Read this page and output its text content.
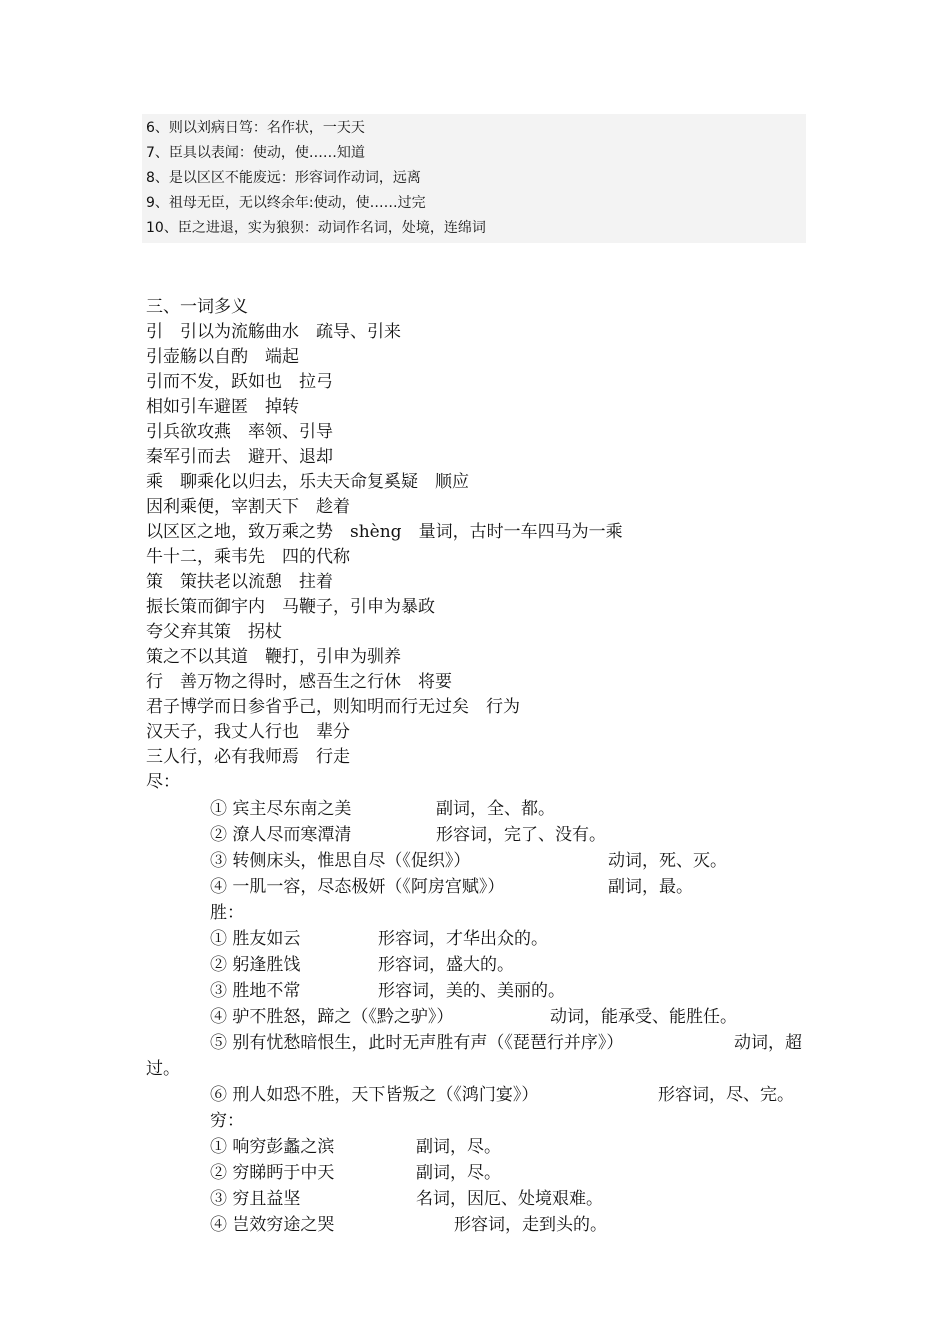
6、则以刘病日笃：名作状，一天天
7、臣具以表闻：使动，使……知道
8、是以区区不能废远：形容词作动词，远离
9、祖母无臣，无以终余年:使动，使……过完
10、臣之进退，实为狼狈：动词作名词，处境，连绵词
三、一词多义
引　引以为流觞曲水　疏导、引来
引壶觞以自酌　端起
引而不发，跃如也　拉弓
相如引车避匿　掉转
引兵欲攻燕　率领、引导
秦军引而去　避开、退却
乘　聊乘化以归去，乐夫天命复奚疑　顺应
因利乘便，宰割天下　趁着
以区区之地，致万乘之势　shèng　量词，古时一车四马为一乘
牛十二，乘韦先　四的代称
策　策扶老以流憩　拄着
振长策而御宇内　马鞭子，引申为暴政
夸父弃其策　拐杖
策之不以其道　鞭打，引申为驯养
行　善万物之得时，感吾生之行休　将要
君子博学而日参省乎己，则知明而行无过矣　行为
汉天子，我丈人行也　辈分
三人行，必有我师焉　行走
尽：
① 宾主尽东南之美	副词，全、都。
② 潦人尽而寒潭清	形容词，完了、没有。
③ 转侧床头，惟思自尽（《促织》）	动词，死、灭。
④ 一肌一容，尽态极妍（《阿房宫赋》）	副词，最。
胜：
① 胜友如云	形容词，才华出众的。
② 躬逢胜饯	形容词，盛大的。
③ 胜地不常	形容词，美的、美丽的。
④ 驴不胜怒，蹄之（《黔之驴》）	动词，能承受、能胜任。
⑤ 别有忧愁暗恨生，此时无声胜有声（《琵琶行并序》）	动词，超
过。
⑥ 刑人如恐不胜，天下皆叛之（《鸿门宴》）	形容词，尽、完。
穷：
① 响穷彭蠡之滨	副词，尽。
② 穷睇眄于中天	副词，尽。
③ 穷且益坚	名词，因厄、处境艰难。
④ 岂效穷途之哭	形容词，走到头的。
